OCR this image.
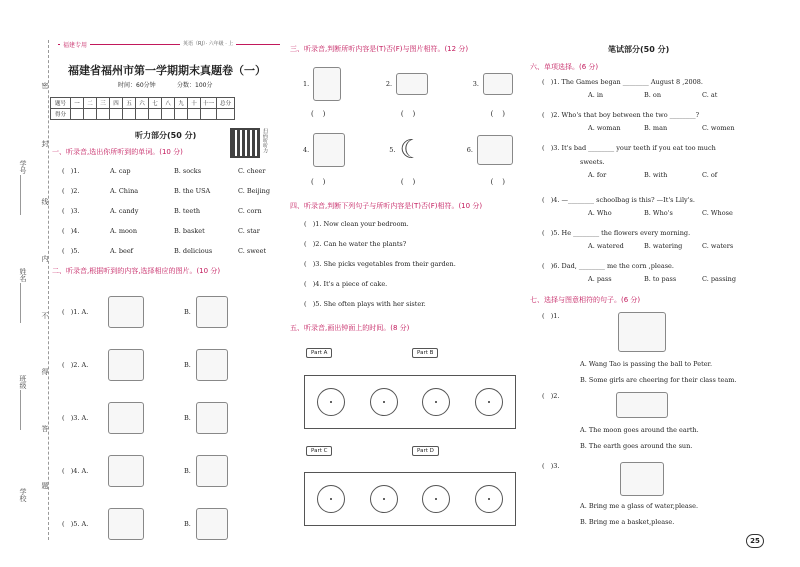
学号
姓名
班级
学校
密
封
线
内
不
得
答
题
福建专用	英语（RJ）· 六年级 · 上
福建省福州市第一学期期末真题卷（一）
时间：60分钟	分数：100分
题号	一	二	三	四	五	六	七	八	九	十	十一	总分
得分												
扫码听听力
听力部分(50 分)
一、听录音,选出你所听到的单词。(10 分)
(   )1.	A. cap	B. socks	C. cheer
(   )2.	A. China	B. the USA	C. Beijing
(   )3.	A. candy	B. teeth	C. corn
(   )4.	A. moon	B. basket	C. star
(   )5.	A. beef	B. delicious	C. sweet
二、听录音,根据听到的内容,选择相应的图片。(10 分)
(   )1. A.	B.
(   )2. A.	B.
(   )3. A.	B.
(   )4. A.	B.
(   )5. A.	B.
三、听录音,判断所听内容是(T)否(F)与图片相符。(12 分)
1.	2.	3.
(    )	(    )	(    )
4.	5. ☾	6.
(    )	(    )	(    )
四、听录音,判断下列句子与所听内容是(T)否(F)相符。(10 分)
(   )1. Now clean your bedroom.
(   )2. Can he water the plants?
(   )3. She picks vegetables from their garden.
(   )4. It's a piece of cake.
(   )5. She often plays with her sister.
五、听录音,画出钟面上的时间。(8 分)
Part A	Part B
Part C	Part D
笔试部分(50 分)
六、单项选择。(6 分)
(   )1. The Games began ________ August 8 ,2008.
A. in	B. on	C. at
(   )2. Who's that boy between the two ________?
A. woman	B. man	C. women
(   )3. It's bad ________ your teeth if you eat too much
sweets.
A. for	B. with	C. of
(   )4. —________ schoolbag is this? —It's Lily's.
A. Who	B. Who's	C. Whose
(   )5. He ________ the flowers every morning.
A. watered	B. watering	C. waters
(   )6. Dad, ________ me the corn ,please.
A. pass	B. to pass	C. passing
七、选择与图意相符的句子。(6 分)
(   )1.
A. Wang Tao is passing the ball to Peter.
B. Some girls are cheering for their class team.
(   )2.
A. The moon goes around the earth.
B. The earth goes around the sun.
(   )3.
A. Bring me a glass of water,please.
B. Bring me a basket,please.
25
